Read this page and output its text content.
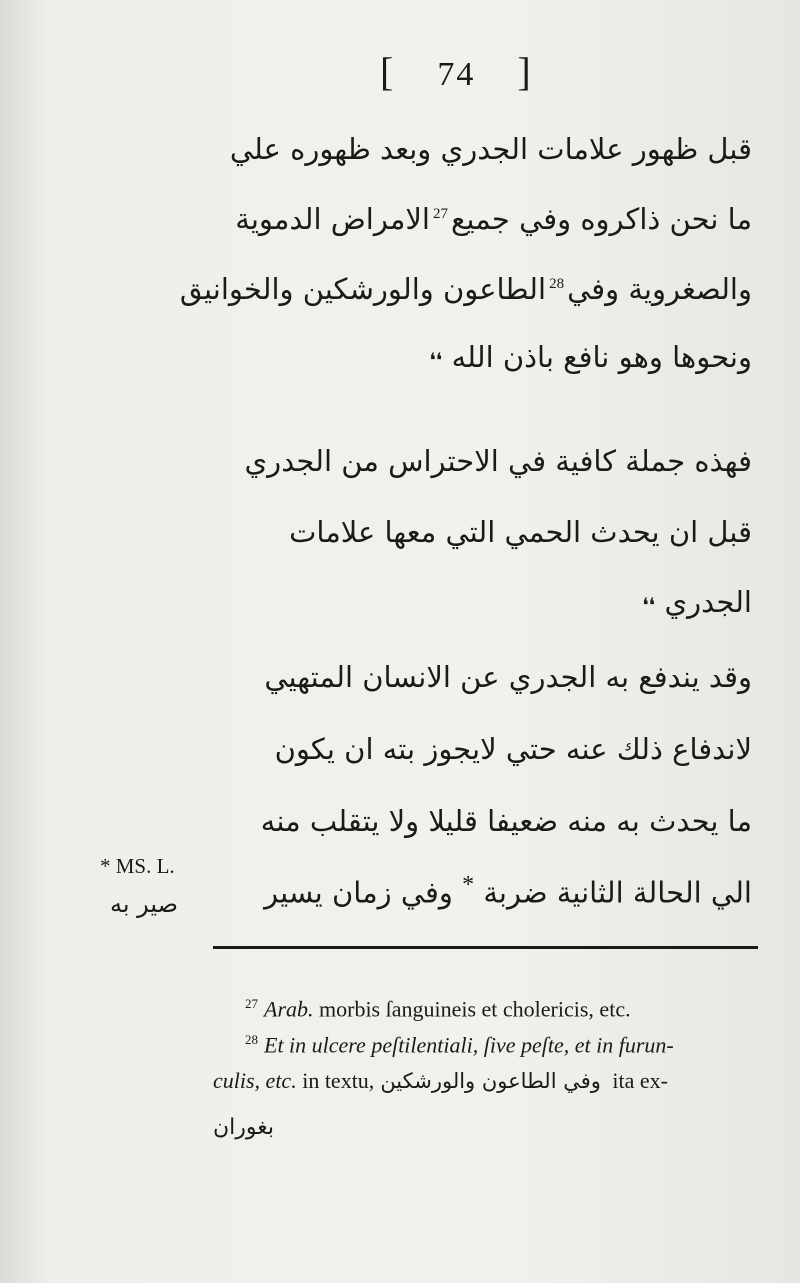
[ 74 ]
قبل ظهور علامات الجدري وبعد ظهوره علي
ما نحن ذاكروه وفي جميع$^{27}$الامراض الدموية
والصغروية وفي$^{28}$الطاعون والورشكين والخوانيق
ونحوها وهو نافع باذن الله ❛❛
فهذه جملة كافية في الاحتراس من الجدري
قبل ان يحدث الحمي التي معها علامات
الجدري ❛❛
وقد يندفع به الجدري عن الانسان المتهيي
لاندفاع ذلك عنه حتي لايجوز بته ان يكون
ما يحدث به منه ضعيفا قليلا ولا يتقلب منه
الي الحالة الثانية ضربة * وفي زمان يسير
* MS. L.
صير به
$^{27}$ Arab. morbis ſanguineis et cholericis, etc.
$^{28}$ Et in ulcere peſtilentiali, ſive peſte, et in furun-
culis, etc. in textu, وفي الطاعون والورشكين ita ex-
بغوران
